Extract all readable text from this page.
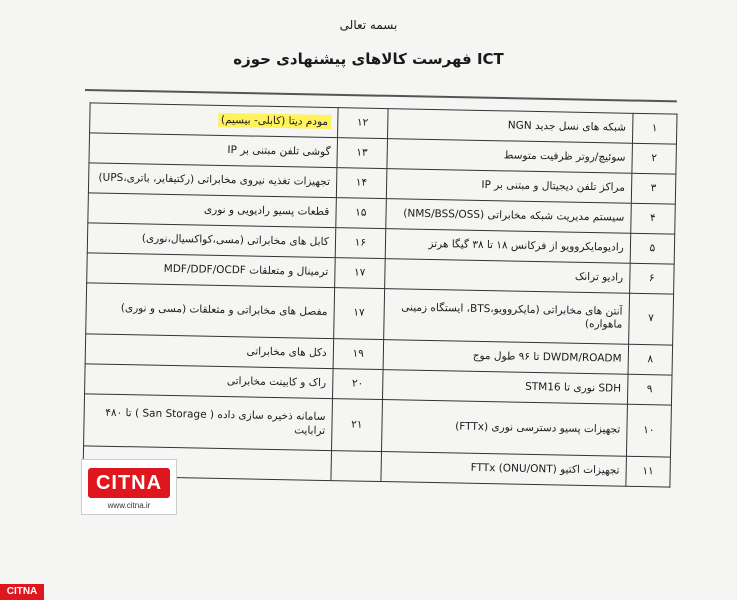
بسمه تعالی
فهرست کالاهای پیشنهادی حوزه ICT
۱	شبکه های نسل جدید NGN	۱۲	مودم دیتا (کابلی- بیسیم)
۲	سوئیچ/روتر ظرفیت متوسط	۱۳	گوشی تلفن مبتنی بر IP
۳	مراکز تلفن دیجیتال و مبتنی بر IP	۱۴	تجهیزات تغذیه نیروی مخابراتی (رکتیفایر، باتری،UPS)
۴	سیستم مدیریت شبکه مخابراتی (NMS/BSS/OSS)	۱۵	قطعات پسیو رادیویی و نوری
۵	رادیومایکروویو از فرکانس ۱۸ تا ۳۸ گیگا هرتز	۱۶	کابل های مخابراتی (مسی،کواکسیال،نوری)
۶	رادیو ترانک	۱۷	ترمینال و متعلقات MDF/DDF/OCDF
۷	آنتن های مخابراتی (مایکروویو،BTS، ایستگاه زمینی ماهواره)	۱۷	مفصل های مخابراتی و متعلقات (مسی و نوری)
۸	DWDM/ROADM تا ۹۶ طول موج	۱۹	دکل های مخابراتی
۹	SDH نوری تا STM16	۲۰	راک و کابینت مخابراتی
۱۰	تجهیزات پسیو دسترسی نوری (FTTx)	۲۱	سامانه ذخیره سازی داده ( San Storage ) تا ۴۸۰ ترابایت
۱۱	تجهیزات اکتیو FTTx (ONU/ONT)		
CITNA
www.citna.ir
CITNA
